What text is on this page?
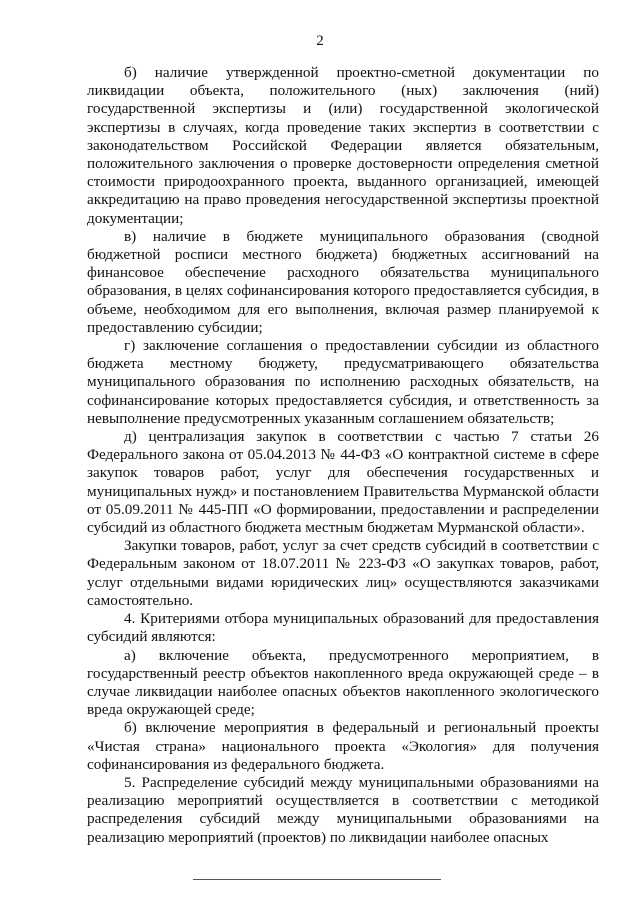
2

б) наличие утвержденной проектно-сметной документации по ликвидации объекта, положительного (ных) заключения (ний) государственной экспертизы и (или) государственной экологической экспертизы в случаях, когда проведение таких экспертиз в соответствии с законодательством Российской Федерации является обязательным, положительного заключения о проверке достоверности определения сметной стоимости природоохранного проекта, выданного организацией, имеющей аккредитацию на право проведения негосударственной экспертизы проектной документации;

в) наличие в бюджете муниципального образования (сводной бюджетной росписи местного бюджета) бюджетных ассигнований на финансовое обеспечение расходного обязательства муниципального образования, в целях софинансирования которого предоставляется субсидия, в объеме, необходимом для его выполнения, включая размер планируемой к предоставлению субсидии;

г) заключение соглашения о предоставлении субсидии из областного бюджета местному бюджету, предусматривающего обязательства муниципального образования по исполнению расходных обязательств, на софинансирование которых предоставляется субсидия, и ответственность за невыполнение предусмотренных указанным соглашением обязательств;

д) централизация закупок в соответствии с частью 7 статьи 26 Федерального закона от 05.04.2013 № 44-ФЗ «О контрактной системе в сфере закупок товаров работ, услуг для обеспечения государственных и муниципальных нужд» и постановлением Правительства Мурманской области от 05.09.2011 № 445-ПП «О формировании, предоставлении и распределении субсидий из областного бюджета местным бюджетам Мурманской области».

Закупки товаров, работ, услуг за счет средств субсидий в соответствии с Федеральным законом от 18.07.2011 № 223-ФЗ «О закупках товаров, работ, услуг отдельными видами юридических лиц» осуществляются заказчиками самостоятельно.

4. Критериями отбора муниципальных образований для предоставления субсидий являются:

а) включение объекта, предусмотренного мероприятием, в государственный реестр объектов накопленного вреда окружающей среде – в случае ликвидации наиболее опасных объектов накопленного экологического вреда окружающей среде;

б) включение мероприятия в федеральный и региональный проекты «Чистая страна» национального проекта «Экология» для получения софинансирования из федерального бюджета.

5. Распределение субсидий между муниципальными образованиями на реализацию мероприятий осуществляется в соответствии с методикой распределения субсидий между муниципальными образованиями на реализацию мероприятий (проектов) по ликвидации наиболее опасных
